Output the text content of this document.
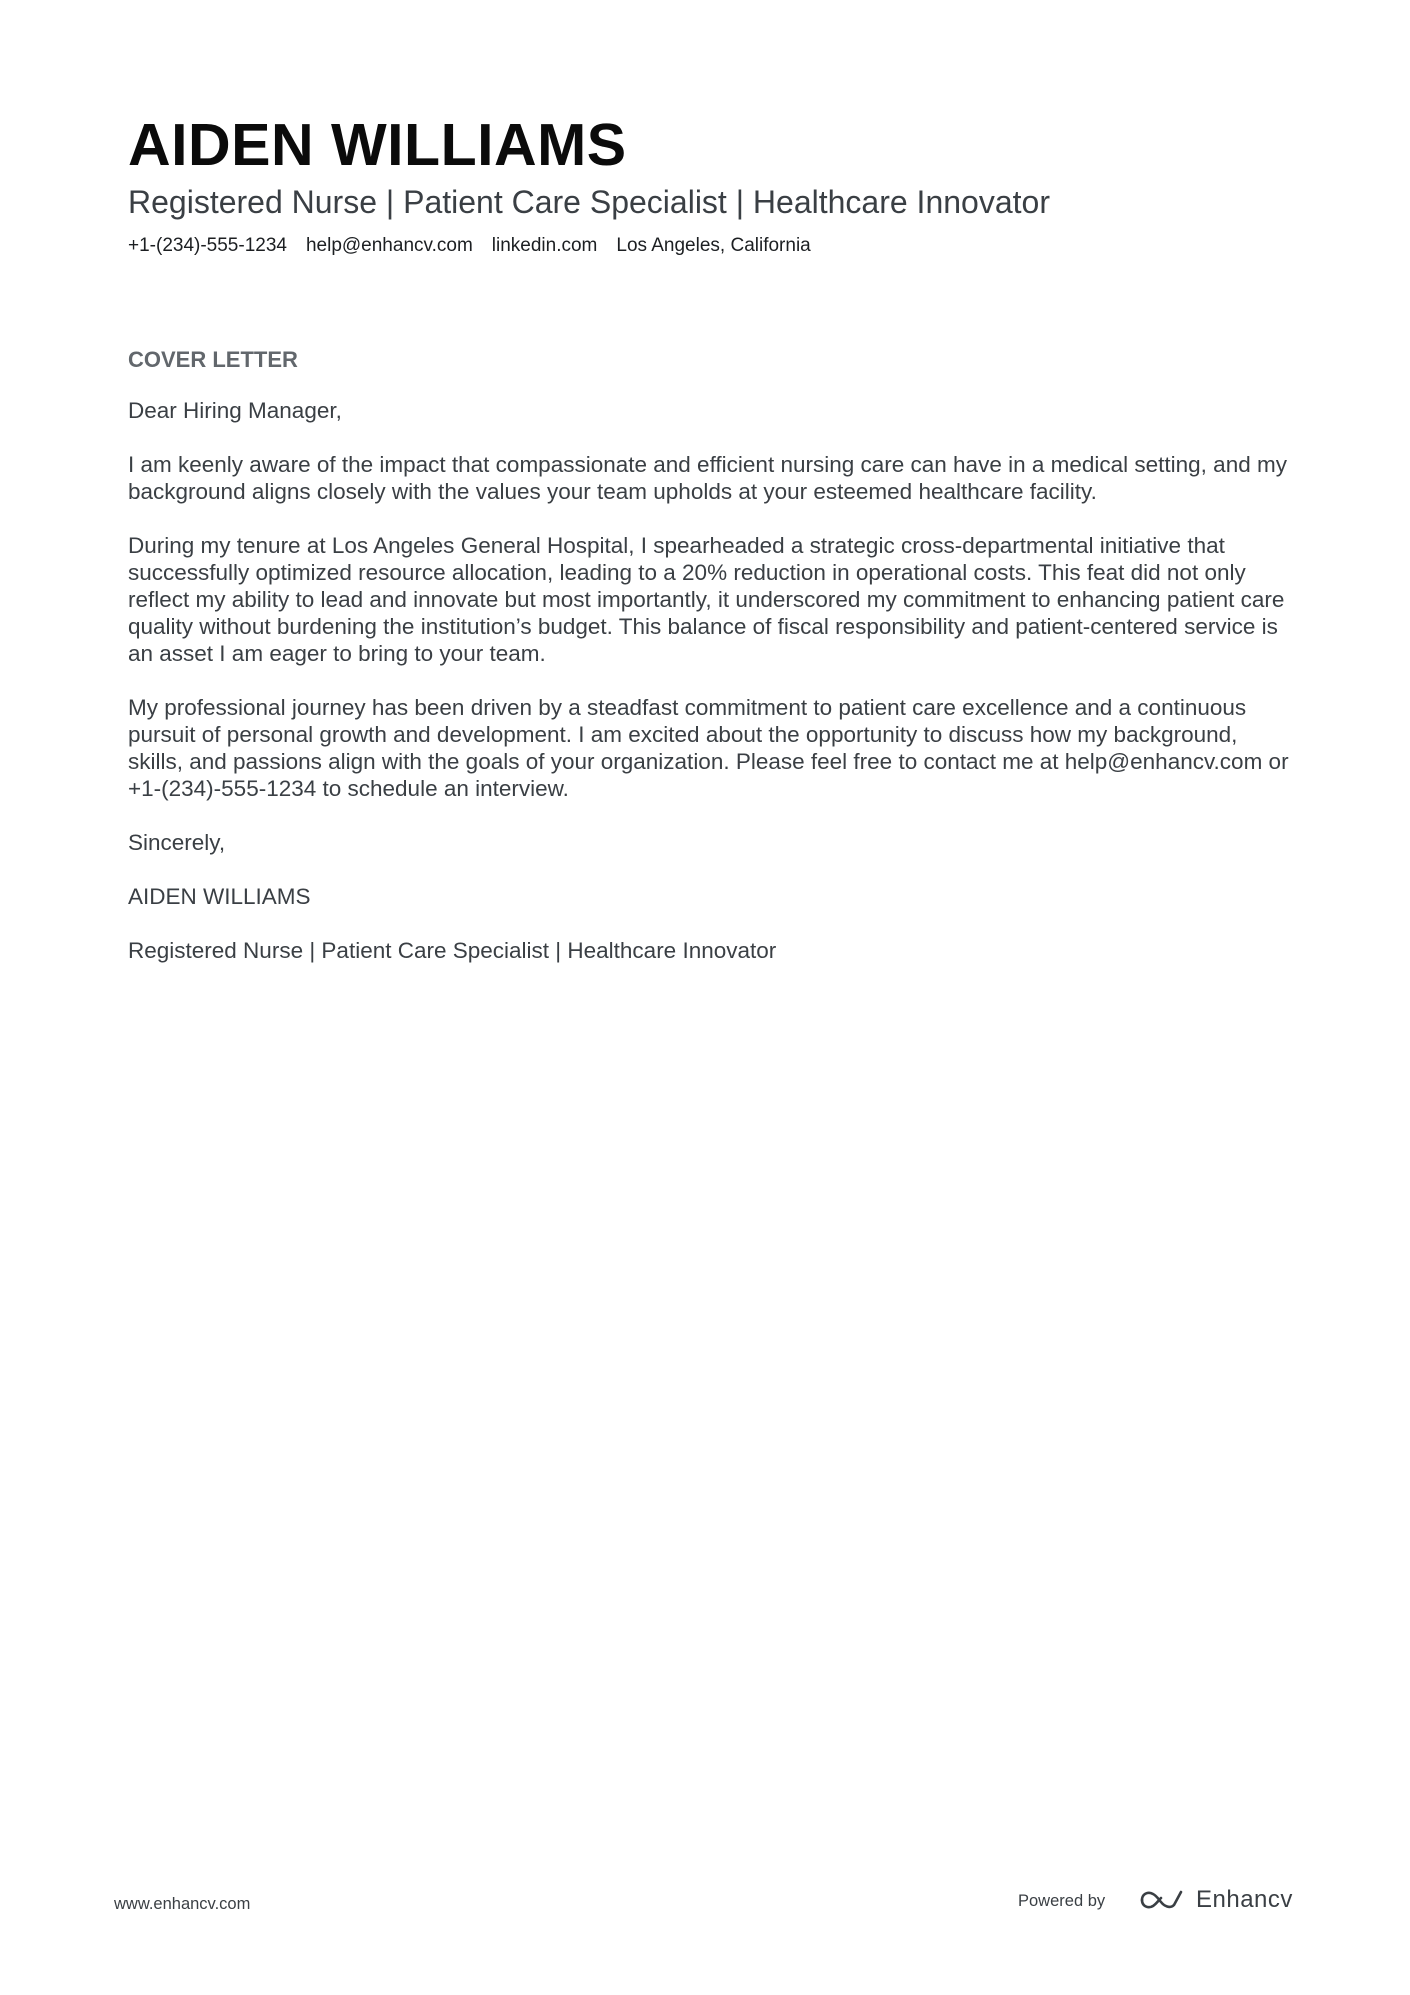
AIDEN WILLIAMS
Registered Nurse | Patient Care Specialist | Healthcare Innovator
+1-(234)-555-1234 help@enhancv.com linkedin.com Los Angeles, California
COVER LETTER

Dear Hiring Manager,

I am keenly aware of the impact that compassionate and efficient nursing care can have in a medical setting, and my background aligns closely with the values your team upholds at your esteemed healthcare facility.

During my tenure at Los Angeles General Hospital, I spearheaded a strategic cross-departmental initiative that successfully optimized resource allocation, leading to a 20% reduction in operational costs. This feat did not only reflect my ability to lead and innovate but most importantly, it underscored my commitment to enhancing patient care quality without burdening the institution’s budget. This balance of fiscal responsibility and patient-centered service is an asset I am eager to bring to your team.

My professional journey has been driven by a steadfast commitment to patient care excellence and a continuous pursuit of personal growth and development. I am excited about the opportunity to discuss how my background, skills, and passions align with the goals of your organization. Please feel free to contact me at help@enhancv.com or +1-(234)-555-1234 to schedule an interview.

Sincerely,

AIDEN WILLIAMS

Registered Nurse | Patient Care Specialist | Healthcare Innovator

www.enhancv.com	Powered by	Enhancv
